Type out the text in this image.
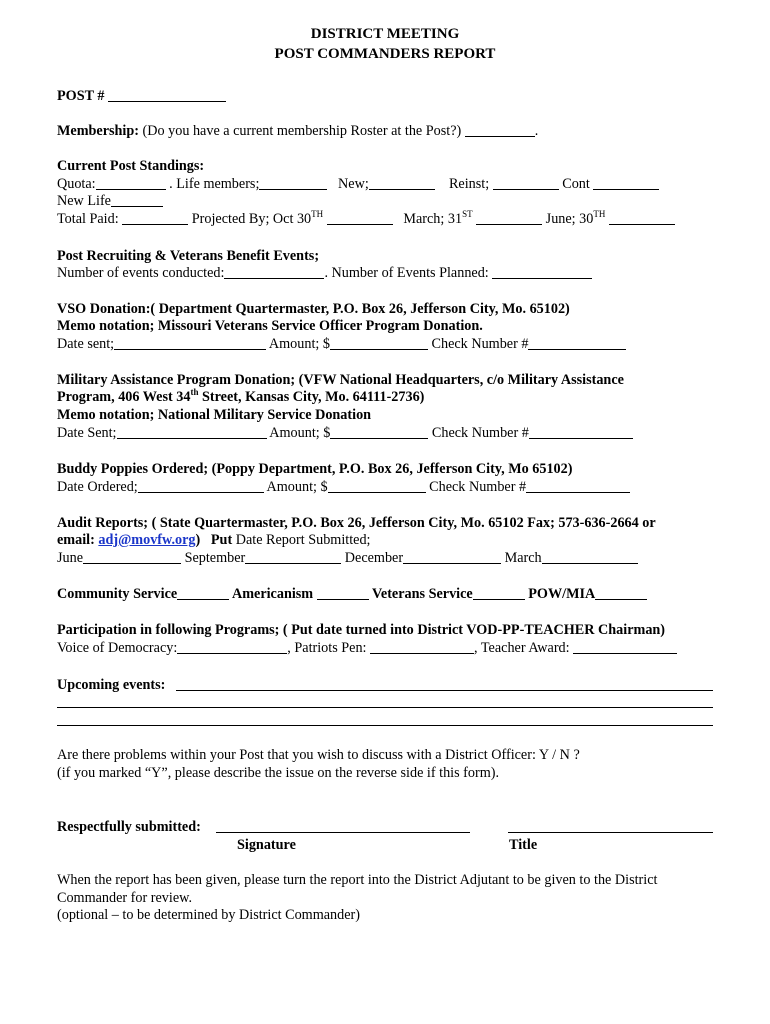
DISTRICT MEETING
POST COMMANDERS REPORT
POST #
Membership: (Do you have a current membership Roster at the Post?)	.
Current Post Standings:
Quota:	. Life members;	New;	Reinst;	Cont
New Life
Total Paid:	Projected By; Oct 30TH	March; 31ST	June; 30TH
Post Recruiting & Veterans Benefit Events;
Number of events conducted:	. Number of Events Planned:
VSO Donation:( Department Quartermaster, P.O. Box 26, Jefferson City, Mo. 65102)
Memo notation; Missouri Veterans Service Officer Program Donation.
Date sent;	Amount; $	Check Number #
Military Assistance Program Donation; (VFW National Headquarters, c/o Military Assistance
Program, 406 West 34th Street, Kansas City, Mo. 64111-2736)
Memo notation; National Military Service Donation
Date Sent;	Amount; $	Check Number #
Buddy Poppies Ordered; (Poppy Department, P.O. Box 26, Jefferson City, Mo 65102)
Date Ordered;	Amount; $	Check Number #
Audit Reports; ( State Quartermaster, P.O. Box 26, Jefferson City, Mo. 65102 Fax; 573-636-2664 or
email: adj@movfw.org) Put Date Report Submitted;
June	September	December	March
Community Service	Americanism	Veterans Service	POW/MIA
Participation in following Programs; ( Put date turned into District VOD-PP-TEACHER Chairman)
Voice of Democracy:	, Patriots Pen:	, Teacher Award:
Upcoming events:
Are there problems within your Post that you wish to discuss with a District Officer: Y / N ?
(if you marked “Y”, please describe the issue on the reverse side if this form).
Respectfully submitted:
Signature	Title
When the report has been given, please turn the report into the District Adjutant to be given to the District
Commander for review.
(optional – to be determined by District Commander)
